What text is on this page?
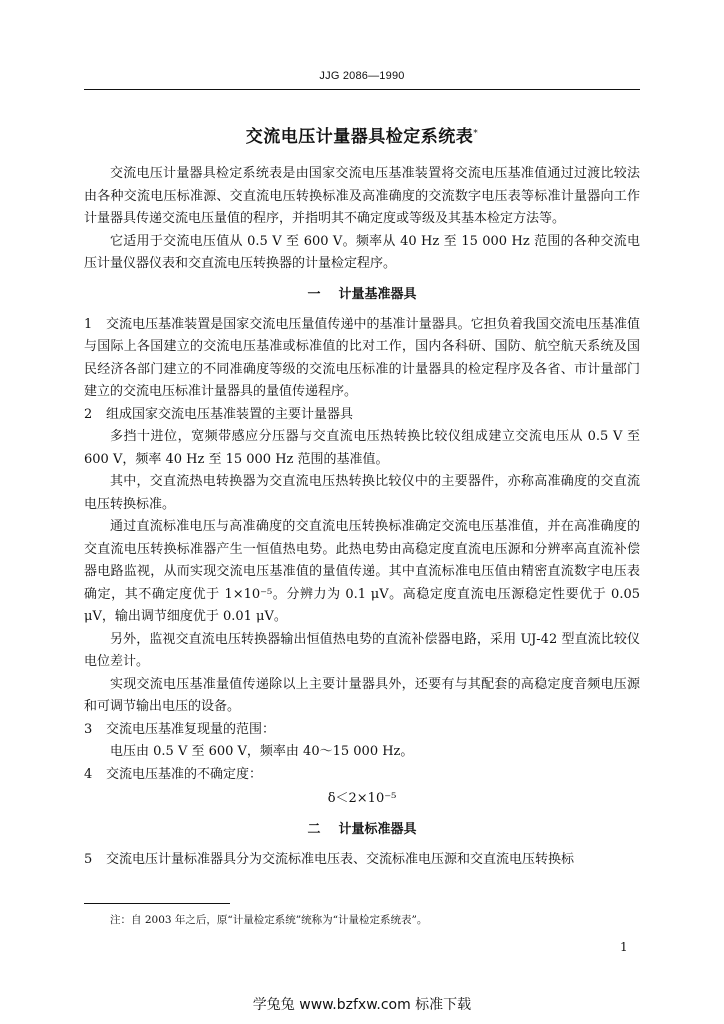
JJG 2086—1990
交流电压计量器具检定系统表*

交流电压计量器具检定系统表是由国家交流电压基准装置将交流电压基准值通过过渡比较法由各种交流电压标准源、交直流电压转换标准及高准确度的交流数字电压表等标准计量器向工作计量器具传递交流电压量值的程序，并指明其不确定度或等级及其基本检定方法等。

它适用于交流电压值从 0.5 V 至 600 V。频率从 40 Hz 至 15 000 Hz 范围的各种交流电压计量仪器仪表和交直流电压转换器的计量检定程序。

一 计量基准器具

1 交流电压基准装置是国家交流电压量值传递中的基准计量器具。它担负着我国交流电压基准值与国际上各国建立的交流电压基准或标准值的比对工作，国内各科研、国防、航空航天系统及国民经济各部门建立的不同准确度等级的交流电压标准的计量器具的检定程序及各省、市计量部门建立的交流电压标准计量器具的量值传递程序。

2 组成国家交流电压基准装置的主要计量器具

多挡十进位，宽频带感应分压器与交直流电压热转换比较仪组成建立交流电压从 0.5 V 至 600 V，频率 40 Hz 至 15 000 Hz 范围的基准值。

其中，交直流热电转换器为交直流电压热转换比较仪中的主要器件，亦称高准确度的交直流电压转换标准。

通过直流标准电压与高准确度的交直流电压转换标准确定交流电压基准值，并在高准确度的交直流电压转换标准器产生一恒值热电势。此热电势由高稳定度直流电压源和分辨率高直流补偿器电路监视，从而实现交流电压基准值的量值传递。其中直流标准电压值由精密直流数字电压表确定，其不确定度优于 1×10⁻⁵。分辨力为 0.1 μV。高稳定度直流电压源稳定性要优于 0.05 μV，输出调节细度优于 0.01 μV。

另外，监视交直流电压转换器输出恒值热电势的直流补偿器电路，采用 UJ-42 型直流比较仪电位差计。

实现交流电压基准量值传递除以上主要计量器具外，还要有与其配套的高稳定度音频电压源和可调节输出电压的设备。

3 交流电压基准复现量的范围：

电压由 0.5 V 至 600 V，频率由 40～15 000 Hz。

4 交流电压基准的不确定度：

δ＜2×10⁻⁵

二 计量标准器具

5 交流电压计量标准器具分为交流标准电压表、交流标准电压源和交直流电压转换标

注：自 2003 年之后，原“计量检定系统”统称为“计量检定系统表”。
1
学兔兔 www.bzfxw.com 标准下载
